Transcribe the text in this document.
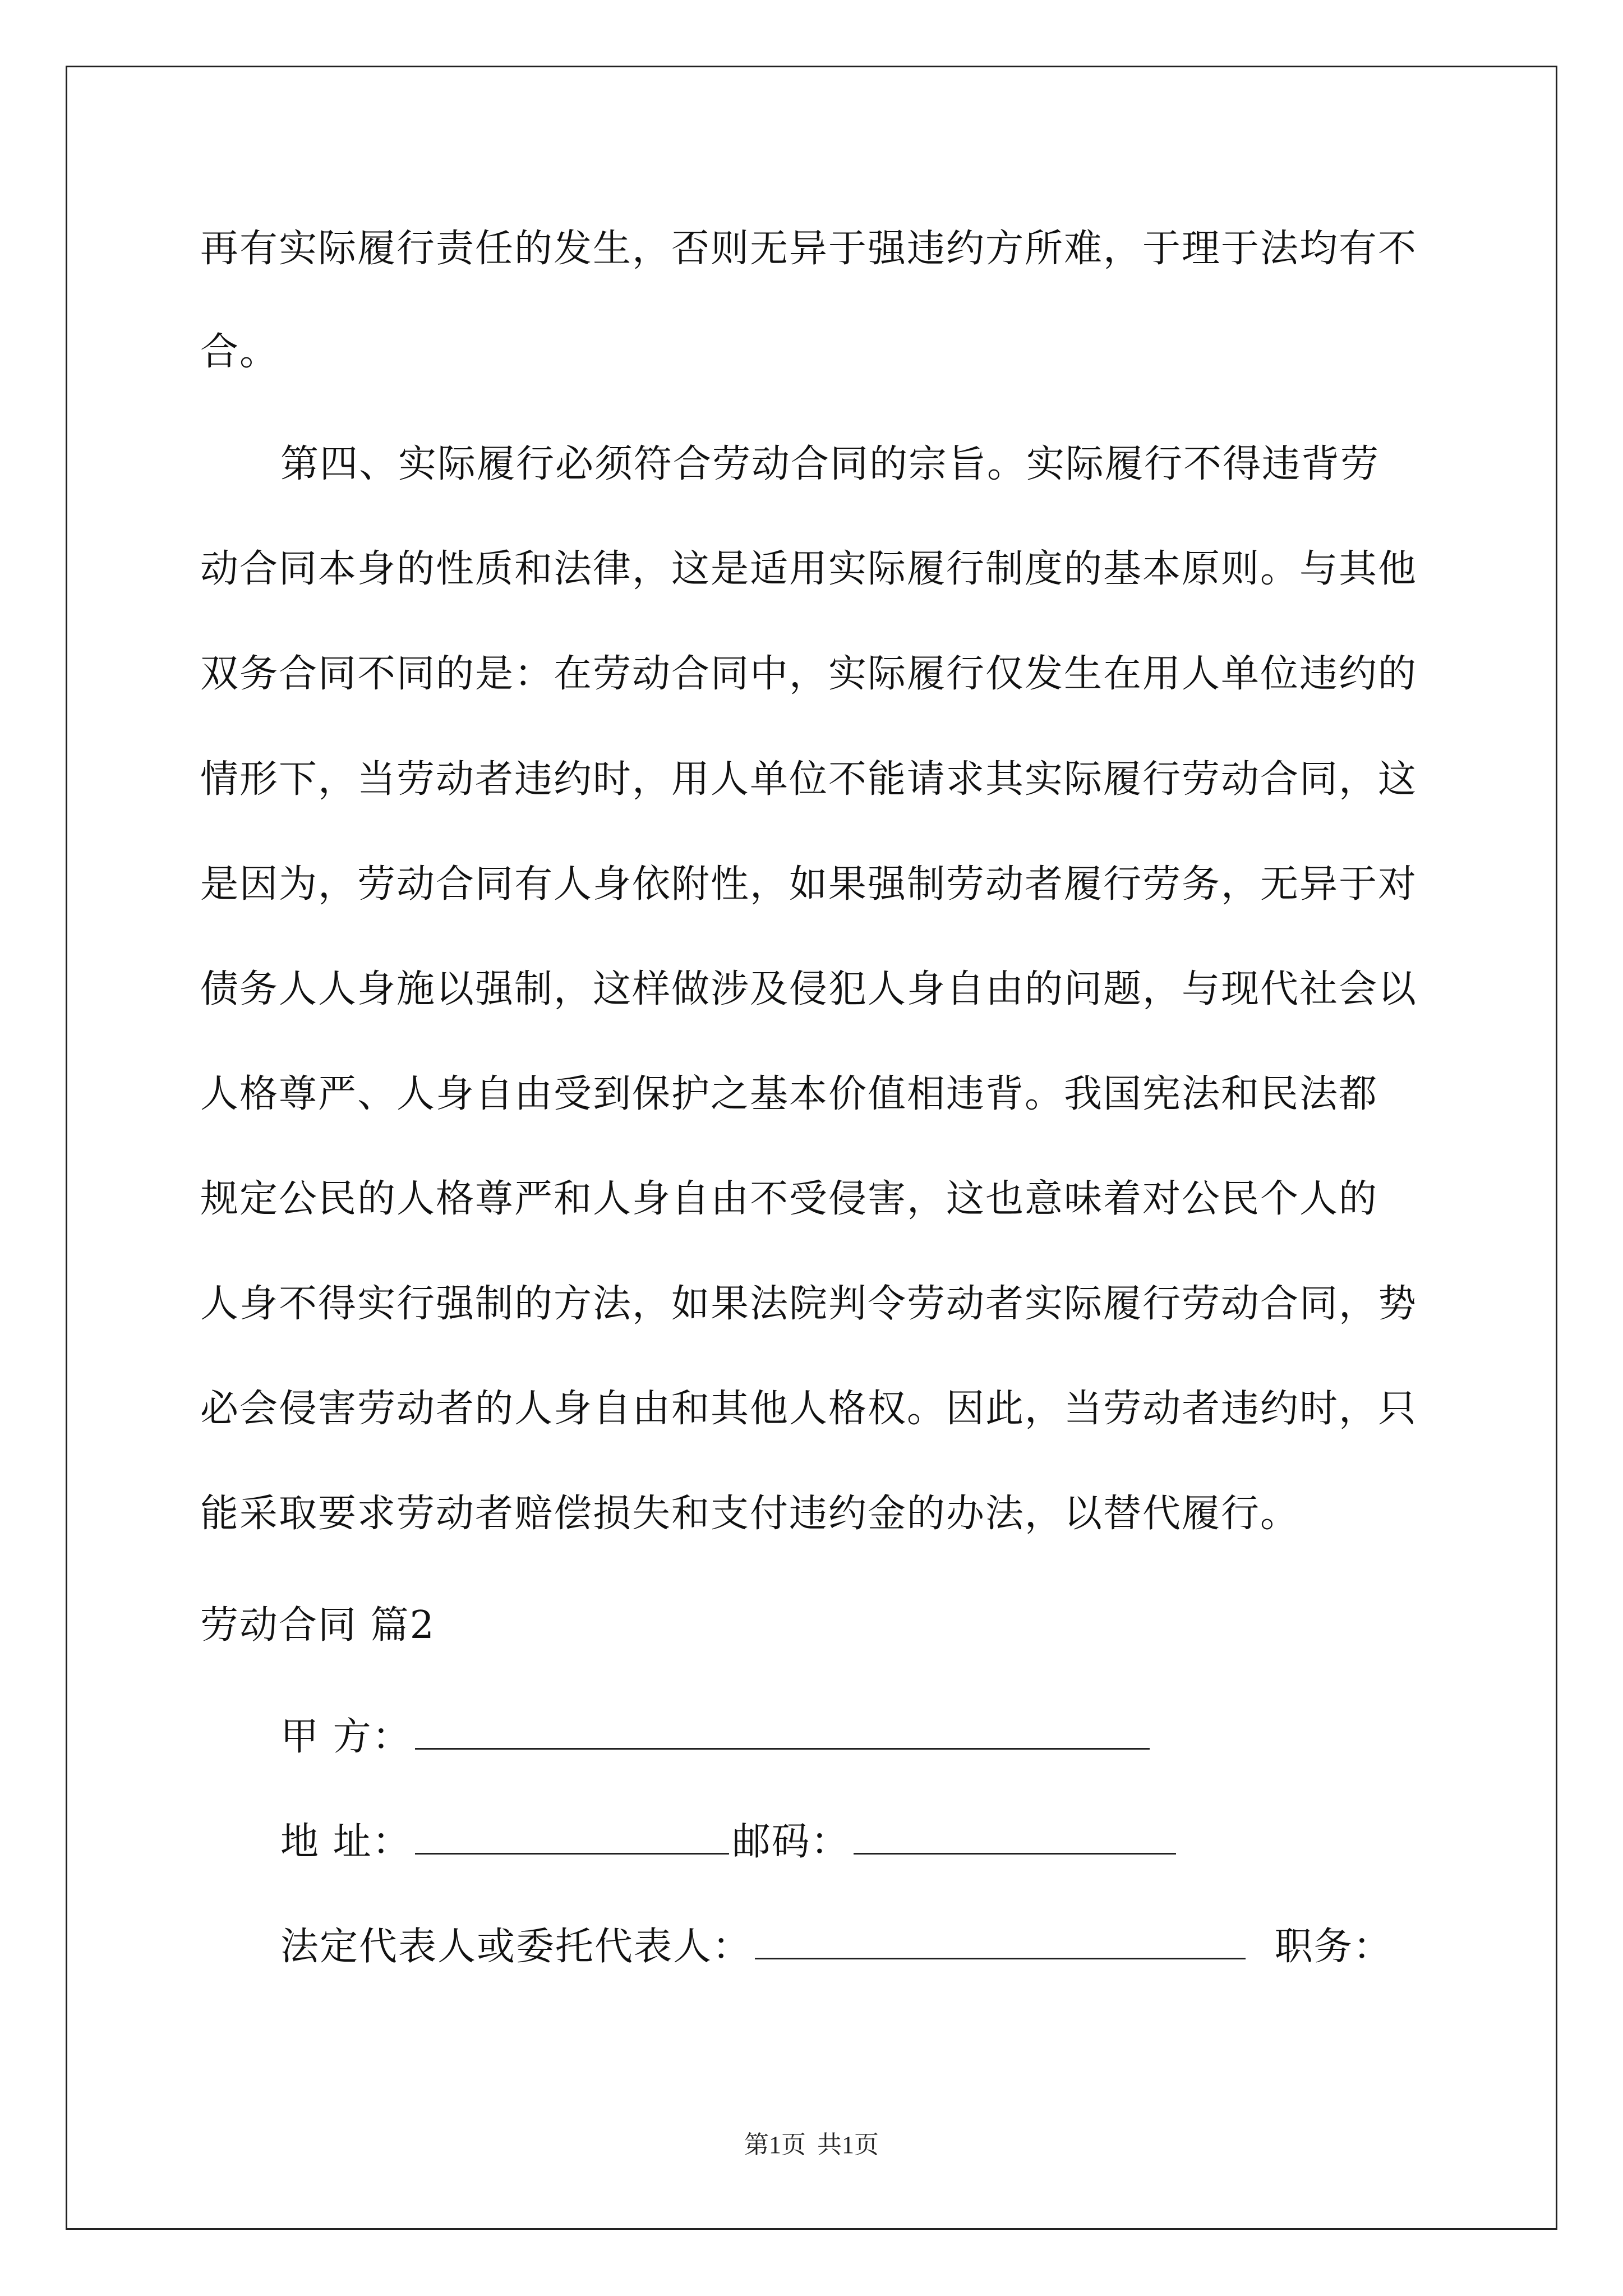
再有实际履行责任的发生，否则无异于强违约方所难，于理于法均有不
合。
第四、实际履行必须符合劳动合同的宗旨。实际履行不得违背劳
动合同本身的性质和法律，这是适用实际履行制度的基本原则。与其他
双务合同不同的是：在劳动合同中，实际履行仅发生在用人单位违约的
情形下，当劳动者违约时，用人单位不能请求其实际履行劳动合同，这
是因为，劳动合同有人身依附性，如果强制劳动者履行劳务，无异于对
债务人人身施以强制，这样做涉及侵犯人身自由的问题，与现代社会以
人格尊严、人身自由受到保护之基本价值相违背。我国宪法和民法都
规定公民的人格尊严和人身自由不受侵害，这也意味着对公民个人的
人身不得实行强制的方法，如果法院判令劳动者实际履行劳动合同，势
必会侵害劳动者的人身自由和其他人格权。因此，当劳动者违约时，只
能采取要求劳动者赔偿损失和支付违约金的办法，以替代履行。
劳动合同 篇2
甲 方：
地 址：	邮码：
法定代表人或委托代表人：	职务：
第1页 共1页
